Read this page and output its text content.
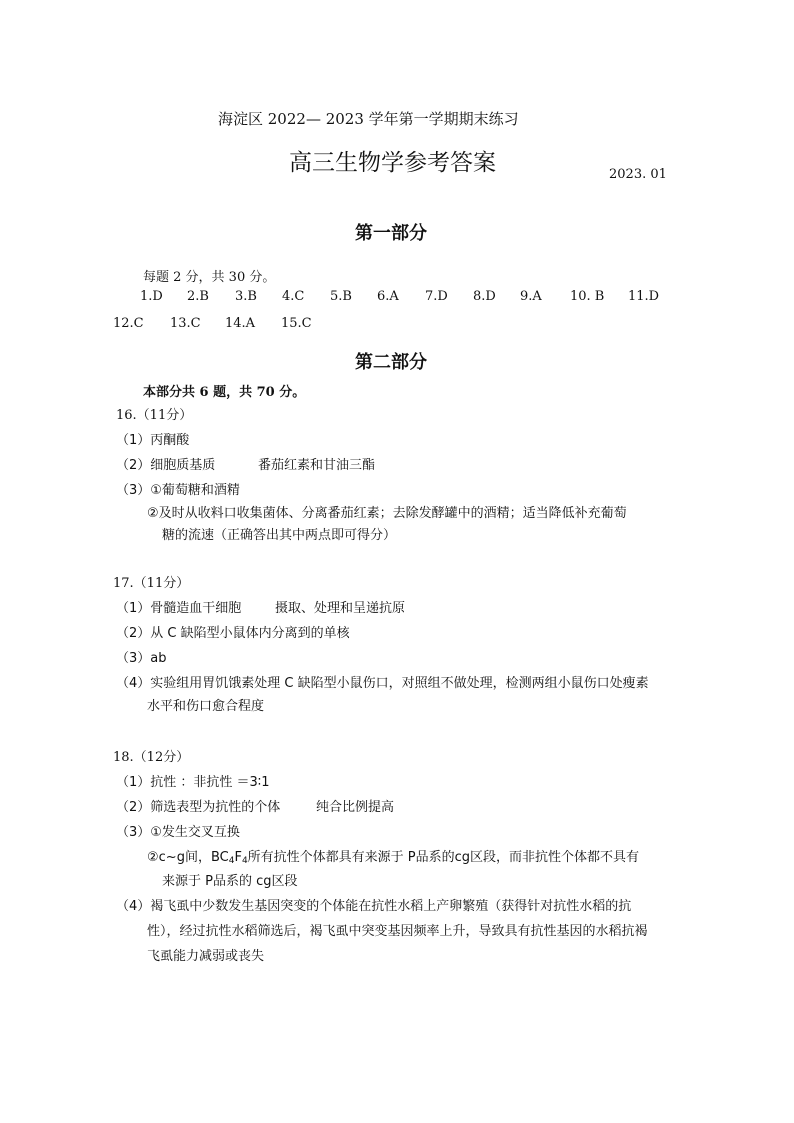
海淀区 2022— 2023 学年第一学期期末练习
高三生物学参考答案	2023. 01
第一部分
每题 2 分，共 30 分。
1.D 2.B 3.B 4.C 5.B 6.A 7.D 8.D 9.A 10. B 11.D
12.C 13.C 14.A 15.C
第二部分
本部分共 6 题，共 70 分。
16.（11分）
（1）丙酮酸
（2）细胞质基质	番茄红素和甘油三酯
（3）①葡萄糖和酒精
②及时从收料口收集菌体、分离番茄红素；去除发酵罐中的酒精；适当降低补充葡萄
糖的流速（正确答出其中两点即可得分）
17.（11分）
（1）骨髓造血干细胞	摄取、处理和呈递抗原
（2）从 C 缺陷型小鼠体内分离到的单核
（3）ab
（4）实验组用胃饥饿素处理 C 缺陷型小鼠伤口，对照组不做处理，检测两组小鼠伤口处瘦素
水平和伤口愈合程度
18.（12分）
（1）抗性 ：非抗性 ＝3∶1
（2）筛选表型为抗性的个体	纯合比例提高
（3）①发生交叉互换
②c~g间，$BC_4F_4$所有抗性个体都具有来源于 P品系的cg区段，而非抗性个体都不具有
来源于 P品系的 cg区段
（4）褐飞虱中少数发生基因突变的个体能在抗性水稻上产卵繁殖（获得针对抗性水稻的抗
性），经过抗性水稻筛选后，褐飞虱中突变基因频率上升，导致具有抗性基因的水稻抗褐
飞虱能力减弱或丧失
